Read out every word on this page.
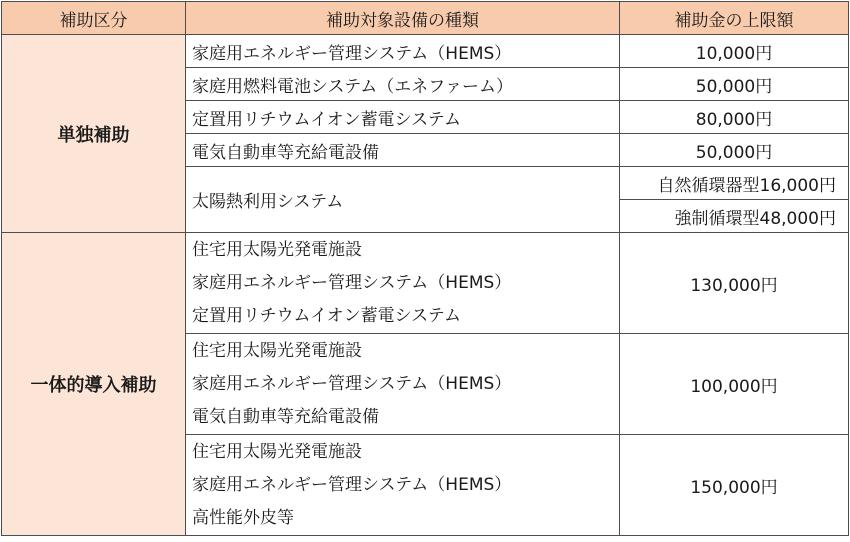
補助区分	補助対象設備の種類	補助金の上限額
単独補助	家庭用エネルギー管理システム（HEMS）	10,000円
	家庭用燃料電池システム（エネファーム）	50,000円
	定置用リチウムイオン蓄電システム	80,000円
	電気自動車等充給電設備	50,000円
	太陽熱利用システム	自然循環器型16,000円
		強制循環型48,000円
一体的導入補助	住宅用太陽光発電施設
家庭用エネルギー管理システム（HEMS）
定置用リチウムイオン蓄電システム	130,000円

	住宅用太陽光発電施設
家庭用エネルギー管理システム（HEMS）
電気自動車等充給電設備	100,000円

	住宅用太陽光発電施設
家庭用エネルギー管理システム（HEMS）
高性能外皮等	150,000円
